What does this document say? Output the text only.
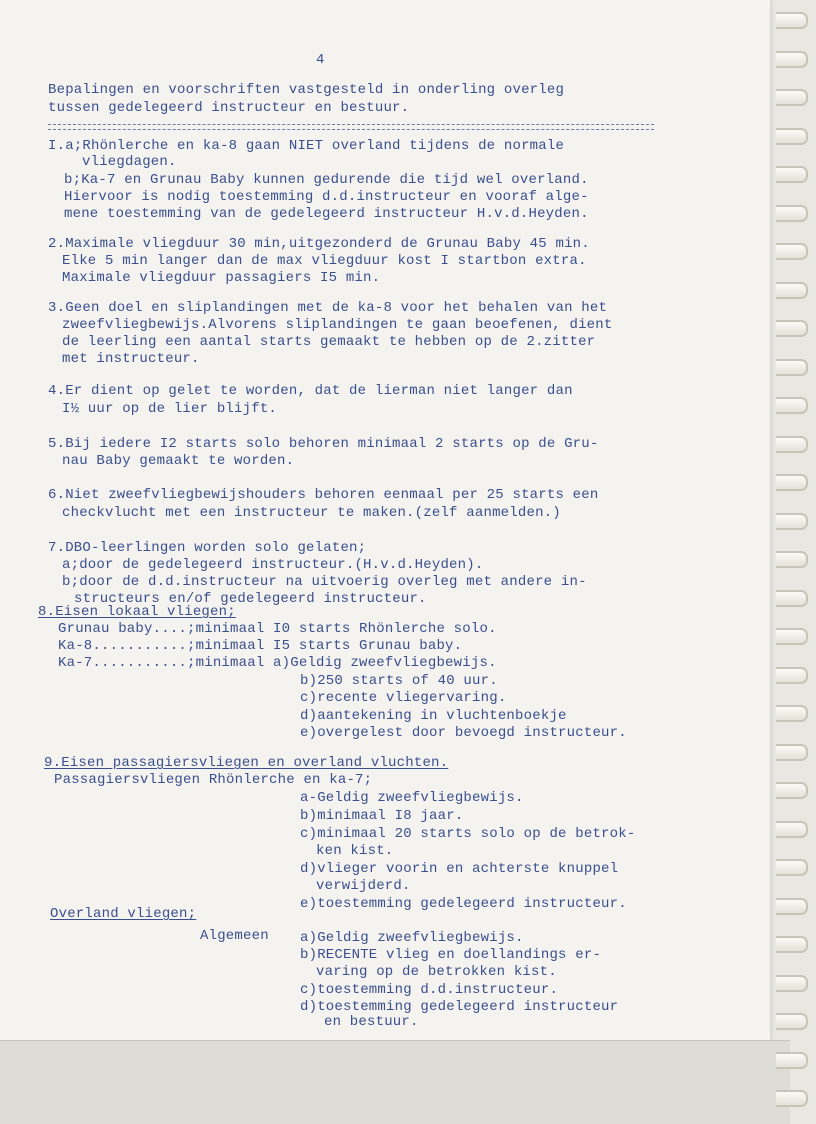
4
Bepalingen en voorschriften vastgesteld in onderling overleg
tussen gedelegeerd instructeur en bestuur.
I.a;Rhönlerche en ka-8 gaan NIET overland tijdens de normale
vliegdagen.
b;Ka-7 en Grunau Baby kunnen gedurende die tijd wel overland.
Hiervoor is nodig toestemming d.d.instructeur en vooraf alge-
mene toestemming van de gedelegeerd instructeur H.v.d.Heyden.
2.Maximale vliegduur 30 min,uitgezonderd de Grunau Baby 45 min.
Elke 5 min langer dan de max vliegduur kost I startbon extra.
Maximale vliegduur passagiers I5 min.
3.Geen doel en sliplandingen met de ka-8 voor het behalen van het
zweefvliegbewijs.Alvorens sliplandingen te gaan beoefenen, dient
de leerling een aantal starts gemaakt te hebben op de 2.zitter
met instructeur.
4.Er dient op gelet te worden, dat de lierman niet langer dan
I½ uur op de lier blijft.
5.Bij iedere I2 starts solo behoren minimaal 2 starts op de Gru-
nau Baby gemaakt te worden.
6.Niet zweefvliegbewijshouders behoren eenmaal per 25 starts een
checkvlucht met een instructeur te maken.(zelf aanmelden.)
7.DBO-leerlingen worden solo gelaten;
a;door de gedelegeerd instructeur.(H.v.d.Heyden).
b;door de d.d.instructeur na uitvoerig overleg met andere in-
structeurs en/of gedelegeerd instructeur.
8.Eisen lokaal vliegen;
Grunau baby....;minimaal I0 starts Rhönlerche solo.
Ka-8...........;minimaal I5 starts Grunau baby.
Ka-7...........;minimaal a)Geldig zweefvliegbewijs.
b)250 starts of 40 uur.
c)recente vliegervaring.
d)aantekening in vluchtenboekje
e)overgelest door bevoegd instructeur.
9.Eisen passagiersvliegen en overland vluchten.
Passagiersvliegen Rhönlerche en ka-7;
a-Geldig zweefvliegbewijs.
b)minimaal I8 jaar.
c)minimaal 20 starts solo op de betrok-
ken kist.
d)vlieger voorin en achterste knuppel
verwijderd.
e)toestemming gedelegeerd instructeur.
Overland vliegen;
Algemeen a)Geldig zweefvliegbewijs.
b)RECENTE vlieg en doellandings er-
varing op de betrokken kist.
c)toestemming d.d.instructeur.
d)toestemming gedelegeerd instructeur
en bestuur.
